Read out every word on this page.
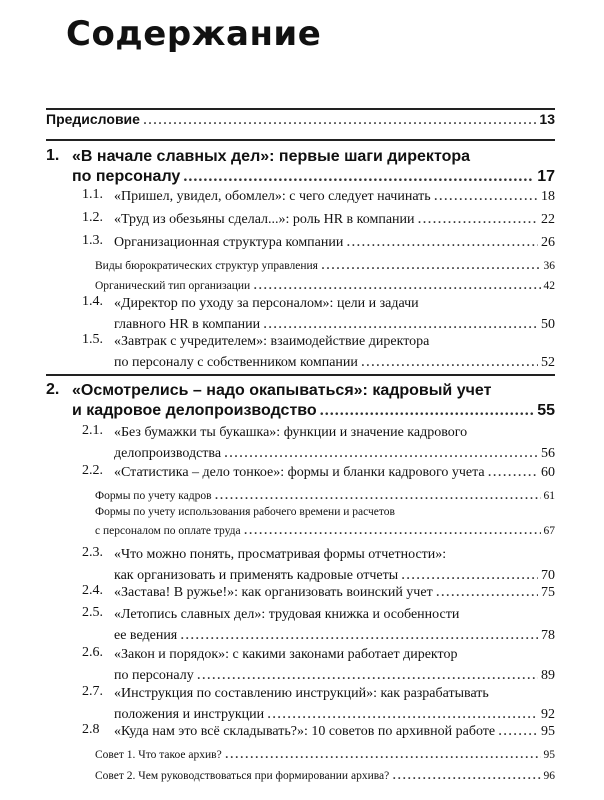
Содержание
Предисловие .....	13
1. «В начале славных дел»: первые шаги директора
по персоналу .....	17
1.1. «Пришел, увидел, обомлел»: с чего следует начинать .....	18
1.2. «Труд из обезьяны сделал...»: роль HR в компании .....	22
1.3. Организационная структура компании .....	26
Виды бюрократических структур управления .....	36
Органический тип организации .....	42
1.4. «Директор по уходу за персоналом»: цели и задачи
главного HR в компании .....	50
1.5. «Завтрак с учредителем»: взаимодействие директора
по персоналу с собственником компании .....	52
2. «Осмотрелись – надо окапываться»: кадровый учет
и кадровое делопроизводство .....	55
2.1. «Без бумажки ты букашка»: функции и значение кадрового
делопроизводства .....	56
2.2. «Статистика – дело тонкое»: формы и бланки кадрового учета .....	60
Формы по учету кадров .....	61
Формы по учету использования рабочего времени и расчетов
с персоналом по оплате труда .....	67
2.3. «Что можно понять, просматривая формы отчетности»:
как организовать и применять кадровые отчеты .....	70
2.4. «Застава! В ружье!»: как организовать воинский учет .....	75
2.5. «Летопись славных дел»: трудовая книжка и особенности
ее ведения .....	78
2.6. «Закон и порядок»: с какими законами работает директор
по персоналу .....	89
2.7. «Инструкция по составлению инструкций»: как разрабатывать
положения и инструкции .....	92
2.8 «Куда нам это всё складывать?»: 10 советов по архивной работе .....	95
Совет 1. Что такое архив? .....	95
Совет 2. Чем руководствоваться при формировании архива? .....	96
